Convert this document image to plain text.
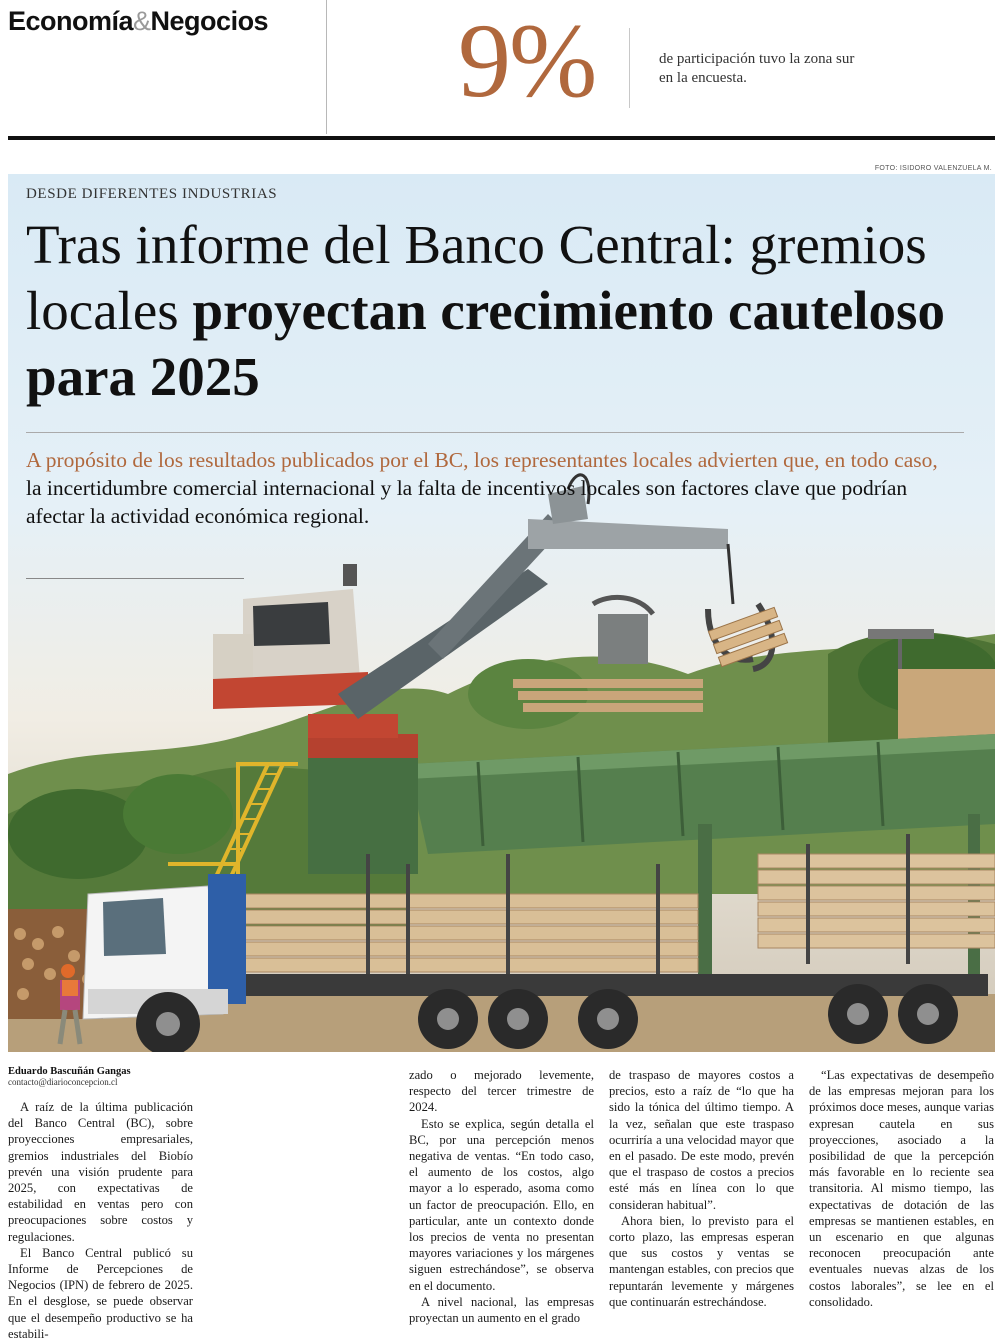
Economía&Negocios 9%	de participación tuvo la zona sur en la encuesta.
FOTO: ISIDORO VALENZUELA M.
DESDE DIFERENTES INDUSTRIAS
Tras informe del Banco Central: gremios locales proyectan crecimiento cauteloso para 2025
A propósito de los resultados publicados por el BC, los representantes locales advierten que, en todo caso, la incertidumbre comercial internacional y la falta de incentivos locales son factores clave que podrían afectar la actividad económica regional.
Eduardo Bascuñán Gangas
contacto@diarioconcepcion.cl

A raíz de la última publicación del Banco Central (BC), sobre proyecciones empresariales, gremios industriales del Biobío prevén una visión prudente para 2025, con expectativas de estabilidad en ventas pero con preocupaciones sobre costos y regulaciones.

El Banco Central publicó su Informe de Percepciones de Negocios (IPN) de febrero de 2025. En el desglose, se puede observar que el desempeño productivo se ha estabili-

zado o mejorado levemente, respecto del tercer trimestre de 2024.

Esto se explica, según detalla el BC, por una percepción menos negativa de ventas. “En todo caso, el aumento de los costos, algo mayor a lo esperado, asoma como un factor de preocupación. Ello, en particular, ante un contexto donde los precios de venta no presentan mayores variaciones y los márgenes siguen estrechándose”, se observa en el documento.

A nivel nacional, las empresas proyectan un aumento en el grado

de traspaso de mayores costos a precios, esto a raíz de “lo que ha sido la tónica del último tiempo. A la vez, señalan que este traspaso ocurriría a una velocidad mayor que en el pasado. De este modo, prevén que el traspaso de costos a precios esté más en línea con lo que consideran habitual”.

Ahora bien, lo previsto para el corto plazo, las empresas esperan que sus costos y ventas se mantengan estables, con precios que repuntarán levemente y márgenes que continuarán estrechándose.

“Las expectativas de desempeño de las empresas mejoran para los próximos doce meses, aunque varias expresan cautela en sus proyecciones, asociado a la posibilidad de que la percepción más favorable en lo reciente sea transitoria. Al mismo tiempo, las expectativas de dotación de las empresas se mantienen estables, en un escenario en que algunas reconocen preocupación ante eventuales nuevas alzas de los costos laborales”, se lee en el consolidado.
